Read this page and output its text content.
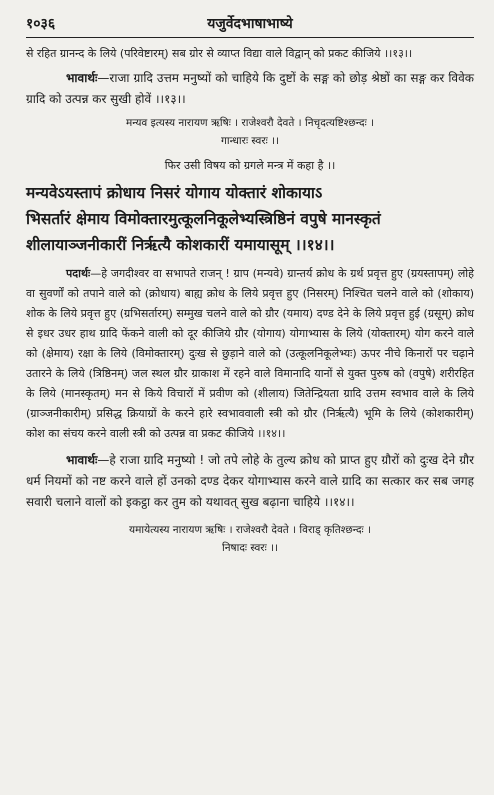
१०३६	यजुर्वेदभाषाभाष्ये

से रहित ग्रानन्द के लिये (परिवेष्टारम्) सब ग्रोर से व्याप्त विद्या वाले विद्वान् को प्रकट कीजिये ।।१३।।

भावार्थः—राजा ग्रादि उत्तम मनुष्यों को चाहिये कि दुष्टों के सङ्ग को छोड़ श्रेष्ठों का सङ्ग कर विवेक ग्रादि को उत्पन्न कर सुखी होवें ।।१३।।

मन्यव इत्यस्य नारायण ऋषिः । राजेश्वरौ देवते । निचृदत्यष्टिश्छन्दः ।
गान्धारः स्वरः ।।

फिर उसी विषय को ग्रगले मन्त्र में कहा है ।।

मन्यवेऽयस्तापं क्रोधाय निसरं योगाय योक्तारं शोकायाऽ
भिसर्तारं क्षेमाय विमोक्तारमुत्कूलनिकूलेभ्यस्त्रिष्ठिनं वपुषे मानस्कृतं
शीलायाञ्जनीकारीं निर्ऋत्यै कोशकारीं यमायासूम् ।।१४।।

पदार्थः—हे जगदीश्वर वा सभापते राजन् ! ग्राप (मन्यवे) ग्रान्तर्य क्रोध के ग्रर्थ प्रवृत्त हुए (ग्रयस्तापम्) लोहे वा सुवर्णों को तपाने वाले को (क्रोधाय) बाह्य क्रोध के लिये प्रवृत्त हुए (निसरम्) निश्चित चलने वाले को (शोकाय) शोक के लिये प्रवृत्त हुए (ग्रभिसर्तारम्) सम्मुख चलने वाले को ग्रौर (यमाय) दण्ड देने के लिये प्रवृत्त हुई (ग्रसूम्) क्रोध से इधर उधर हाथ ग्रादि फेंकने वाली को दूर कीजिये ग्रौर (योगाय) योगाभ्यास के लिये (योक्तारम्) योग करने वाले को (क्षेमाय) रक्षा के लिये (विमोक्तारम्) दुःख से छुड़ाने वाले को (उत्कूलनिकूलेभ्यः) ऊपर नीचे किनारों पर चढ़ाने उतारने के लिये (त्रिष्ठिनम्) जल स्थल ग्रौर ग्राकाश में रहने वाले विमानादि यानों से युक्त पुरुष को (वपुषे) शरीरहित के लिये (मानस्कृतम्) मन से किये विचारों में प्रवीण को (शीलाय) जितेन्द्रियता ग्रादि उत्तम स्वभाव वाले के लिये (ग्राञ्जनीकारीम्) प्रसिद्ध क्रियाग्रों के करने हारे स्वभाववाली स्त्री को ग्रौर (निर्ऋत्यै) भूमि के लिये (कोशकारीम्) कोश का संचय करने वाली स्त्री को उत्पन्न वा प्रकट कीजिये ।।१४।।

भावार्थः—हे राजा ग्रादि मनुष्यो ! जो तपे लोहे के तुल्य क्रोध को प्राप्त हुए ग्रौरों को दुःख देने ग्रौर धर्म नियमों को नष्ट करने वाले हों उनको दण्ड देकर योगाभ्यास करने वाले ग्रादि का सत्कार कर सब जगह सवारी चलाने वालों को इकट्ठा कर तुम को यथावत् सुख बढ़ाना चाहिये ।।१४।।

यमायेत्यस्य नारायण ऋषिः । राजेश्वरौ देवते । विराड् कृतिश्छन्दः ।
निषादः स्वरः ।।
